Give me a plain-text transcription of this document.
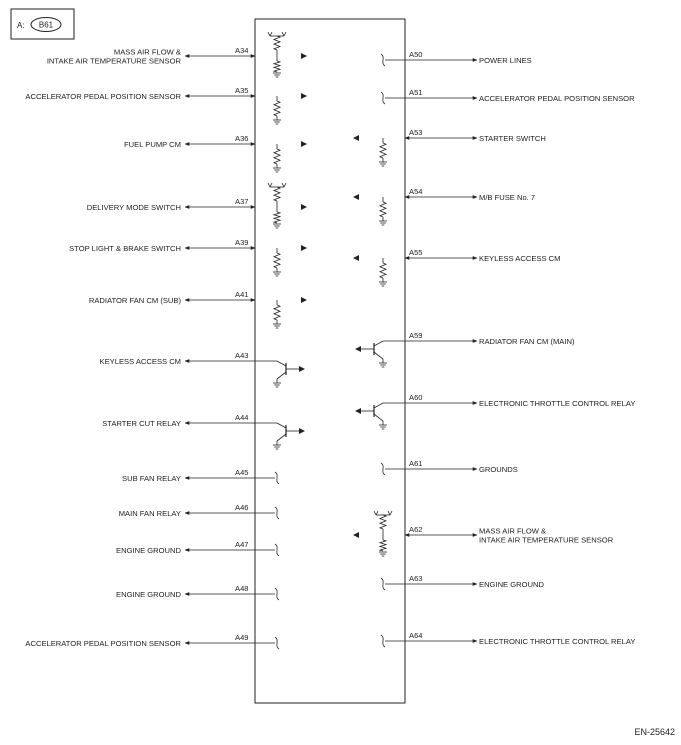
A: B61
A34
MASS AIR FLOW &
INTAKE AIR TEMPERATURE SENSOR
A35
ACCELERATOR PEDAL POSITION SENSOR
A36
FUEL PUMP CM
A37
DELIVERY MODE SWITCH
A39
STOP LIGHT & BRAKE SWITCH
A41
RADIATOR FAN CM (SUB)
A43
KEYLESS ACCESS CM
A44
STARTER CUT RELAY
A45
SUB FAN RELAY
A46
MAIN FAN RELAY
A47
ENGINE GROUND
A48
ENGINE GROUND
A49
ACCELERATOR PEDAL POSITION SENSOR
A50
POWER LINES
A51
ACCELERATOR PEDAL POSITION SENSOR
A53
STARTER SWITCH
A54
M/B FUSE No. 7
A55
KEYLESS ACCESS CM
A59
RADIATOR FAN CM (MAIN)
A60
ELECTRONIC THROTTLE CONTROL RELAY
A61
GROUNDS
A62	MASS AIR FLOW &
INTAKE AIR TEMPERATURE SENSOR
A63
ENGINE GROUND
A64
ELECTRONIC THROTTLE CONTROL RELAY
EN-25642
